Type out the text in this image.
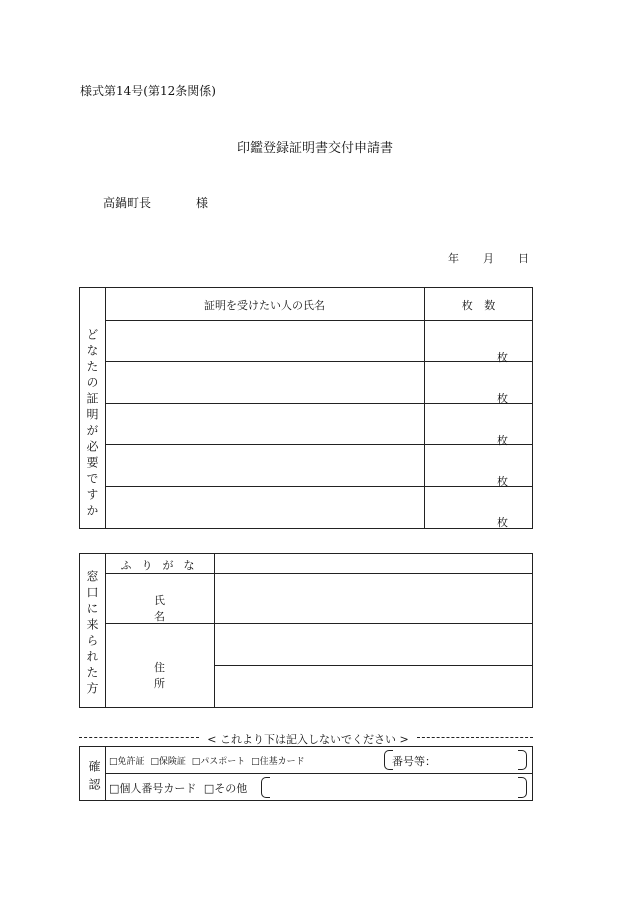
様式第14号(第12条関係)
印鑑登録証明書交付申請書
高鍋町長	様
年 月 日
どなたの証明が必要ですか
証明を受けたい人の氏名	枚 数
枚
枚
枚
枚
枚
窓口に来られた方
ふりがな
氏名
住所
< これより下は記入しないでください >
確認 □免許証 □保険証 □パスポート □住基カード	番号等：
□個人番号カード □その他
